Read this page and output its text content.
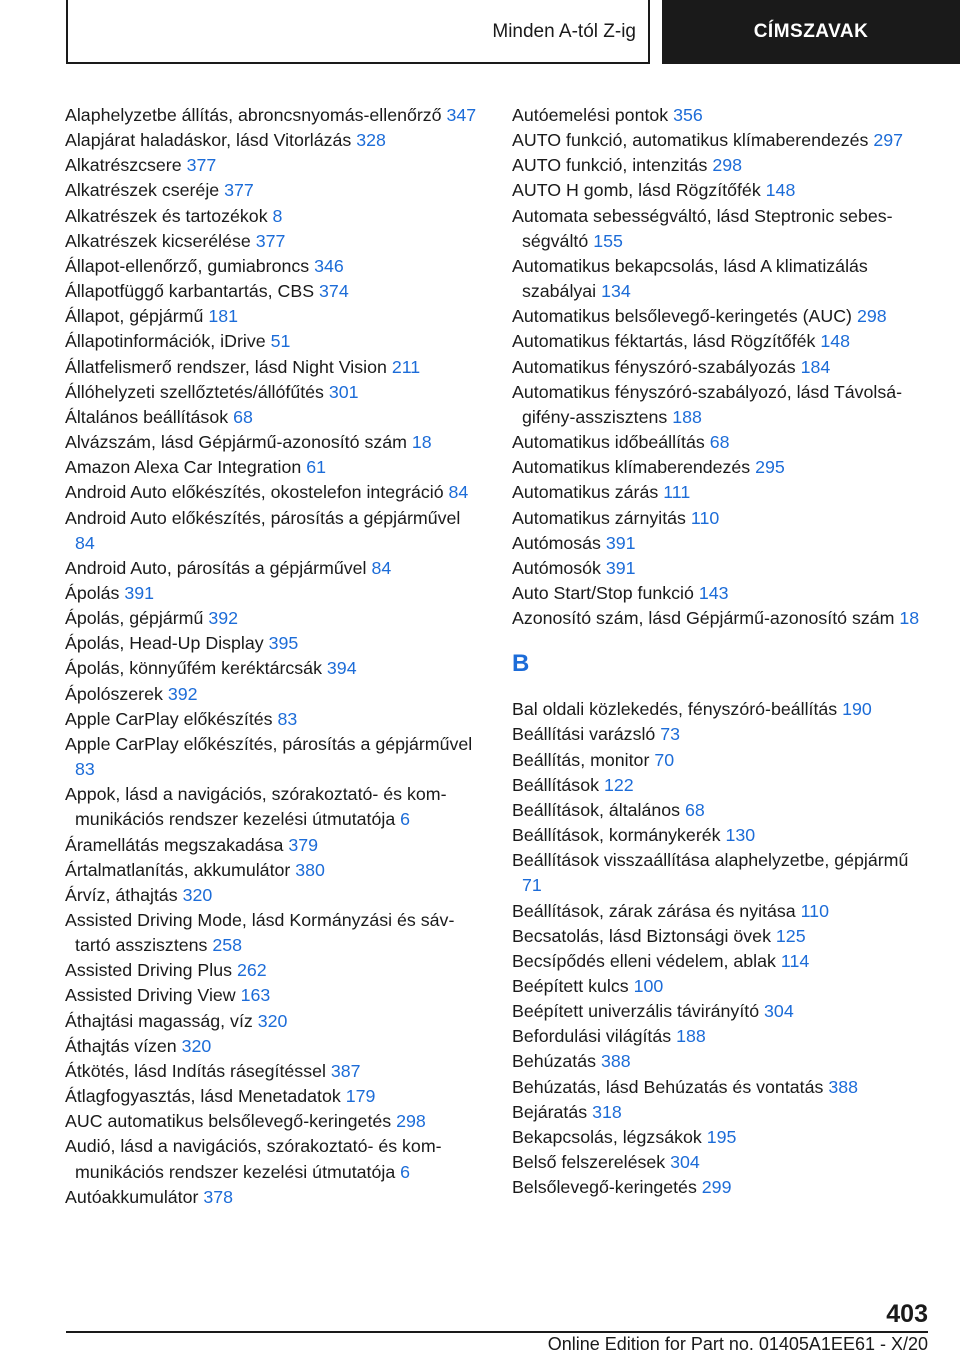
Minden A-tól Z-ig	CÍMSZAVAK
Alaphelyzetbe állítás, abroncsnyomás-ellenőrző 347
Alapjárat haladáskor, lásd Vitorlázás 328
Alkatrészcsere 377
Alkatrészek cseréje 377
Alkatrészek és tartozékok 8
Alkatrészek kicserélése 377
Állapot-ellenőrző, gumiabroncs 346
Állapotfüggő karbantartás, CBS 374
Állapot, gépjármű 181
Állapotinformációk, iDrive 51
Állatfelismerő rendszer, lásd Night Vision 211
Állóhelyzeti szellőztetés/állófűtés 301
Általános beállítások 68
Alvázszám, lásd Gépjármű-azonosító szám 18
Amazon Alexa Car Integration 61
Android Auto előkészítés, okostelefon integráció 84
Android Auto előkészítés, párosítás a gépjárművel 84
Android Auto, párosítás a gépjárművel 84
Ápolás 391
Ápolás, gépjármű 392
Ápolás, Head-Up Display 395
Ápolás, könnyűfém keréktárcsák 394
Ápolószerek 392
Apple CarPlay előkészítés 83
Apple CarPlay előkészítés, párosítás a gépjárművel 83
Appok, lásd a navigációs, szórakoztató- és kommunikációs rendszer kezelési útmutatója 6
Áramellátás megszakadása 379
Ártalmatlanítás, akkumulátor 380
Árvíz, áthajtás 320
Assisted Driving Mode, lásd Kormányzási és sávtartó asszisztens 258
Assisted Driving Plus 262
Assisted Driving View 163
Áthajtási magasság, víz 320
Áthajtás vízen 320
Átkötés, lásd Indítás rásegítéssel 387
Átlagfogyasztás, lásd Menetadatok 179
AUC automatikus belsőlevegő-keringetés 298
Audió, lásd a navigációs, szórakoztató- és kommunikációs rendszer kezelési útmutatója 6
Autóakkumulátor 378
Autóemelési pontok 356
AUTO funkció, automatikus klímaberendezés 297
AUTO funkció, intenzitás 298
AUTO H gomb, lásd Rögzítőfék 148
Automata sebességváltó, lásd Steptronic sebességváltó 155
Automatikus bekapcsolás, lásd A klimatizálás szabályai 134
Automatikus belsőlevegő-keringetés (AUC) 298
Automatikus féktartás, lásd Rögzítőfék 148
Automatikus fényszóró-szabályozás 184
Automatikus fényszóró-szabályozó, lásd Távolságifény-asszisztens 188
Automatikus időbeállítás 68
Automatikus klímaberendezés 295
Automatikus zárás 111
Automatikus zárnyitás 110
Autómosás 391
Autómosók 391
Auto Start/Stop funkció 143
Azonosító szám, lásd Gépjármű-azonosító szám 18
B
Bal oldali közlekedés, fényszóró-beállítás 190
Beállítási varázsló 73
Beállítás, monitor 70
Beállítások 122
Beállítások, általános 68
Beállítások, kormánykerék 130
Beállítások visszaállítása alaphelyzetbe, gépjármű 71
Beállítások, zárak zárása és nyitása 110
Becsatolás, lásd Biztonsági övek 125
Becsípődés elleni védelem, ablak 114
Beépített kulcs 100
Beépített univerzális távirányító 304
Befordulási világítás 188
Behúzatás 388
Behúzatás, lásd Behúzatás és vontatás 388
Bejáratás 318
Bekapcsolás, légzsákok 195
Belső felszerelések 304
Belsőlevegő-keringetés 299
403
Online Edition for Part no. 01405A1EE61 - X/20
